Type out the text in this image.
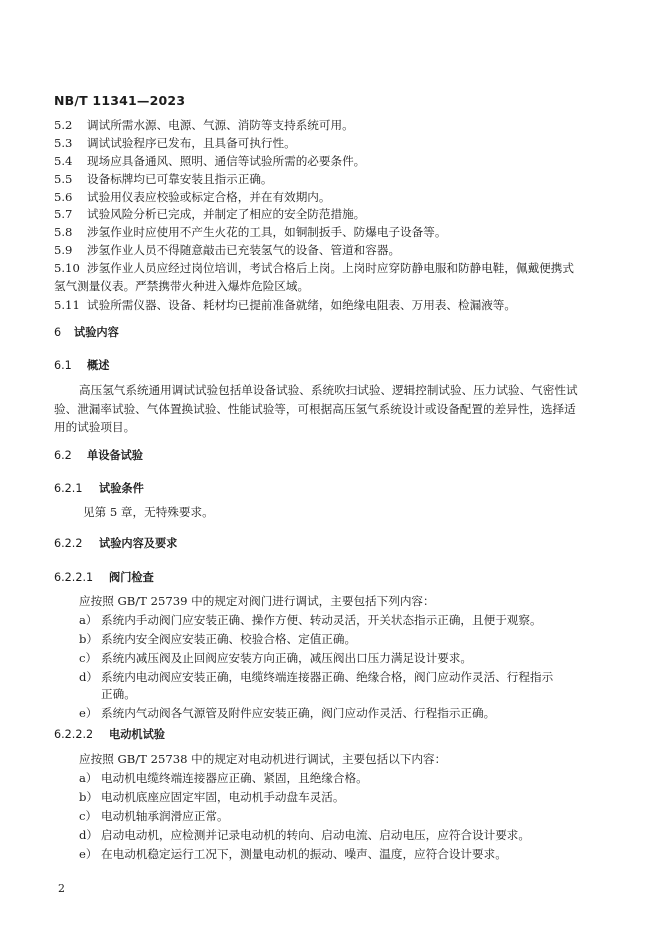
NB/T 11341—2023
5.2 调试所需水源、电源、气源、消防等支持系统可用。
5.3 调试试验程序已发布，且具备可执行性。
5.4 现场应具备通风、照明、通信等试验所需的必要条件。
5.5 设备标牌均已可靠安装且指示正确。
5.6 试验用仪表应校验或标定合格，并在有效期内。
5.7 试验风险分析已完成，并制定了相应的安全防范措施。
5.8 涉氢作业时应使用不产生火花的工具，如铜制扳手、防爆电子设备等。
5.9 涉氢作业人员不得随意敲击已充装氢气的设备、管道和容器。
5.10 涉氢作业人员应经过岗位培训，考试合格后上岗。上岗时应穿防静电服和防静电鞋，佩戴便携式
氢气测量仪表。严禁携带火种进入爆炸危险区域。
5.11 试验所需仪器、设备、耗材均已提前准备就绪，如绝缘电阻表、万用表、检漏液等。
6 试验内容
6.1 概述
高压氢气系统通用调试试验包括单设备试验、系统吹扫试验、逻辑控制试验、压力试验、气密性试
验、泄漏率试验、气体置换试验、性能试验等，可根据高压氢气系统设计或设备配置的差异性，选择适
用的试验项目。
6.2 单设备试验
6.2.1 试验条件
见第 5 章，无特殊要求。
6.2.2 试验内容及要求
6.2.2.1 阀门检查
应按照 GB/T 25739 中的规定对阀门进行调试，主要包括下列内容：
a） 系统内手动阀门应安装正确、操作方便、转动灵活，开关状态指示正确，且便于观察。
b） 系统内安全阀应安装正确、校验合格、定值正确。
c） 系统内减压阀及止回阀应安装方向正确，减压阀出口压力满足设计要求。
d） 系统内电动阀应安装正确，电缆终端连接器正确、绝缘合格，阀门应动作灵活、行程指示
正确。
e） 系统内气动阀各气源管及附件应安装正确，阀门应动作灵活、行程指示正确。
6.2.2.2 电动机试验
应按照 GB/T 25738 中的规定对电动机进行调试，主要包括以下内容：
a） 电动机电缆终端连接器应正确、紧固，且绝缘合格。
b） 电动机底座应固定牢固，电动机手动盘车灵活。
c） 电动机轴承润滑应正常。
d） 启动电动机，应检测并记录电动机的转向、启动电流、启动电压，应符合设计要求。
e） 在电动机稳定运行工况下，测量电动机的振动、噪声、温度，应符合设计要求。
2
